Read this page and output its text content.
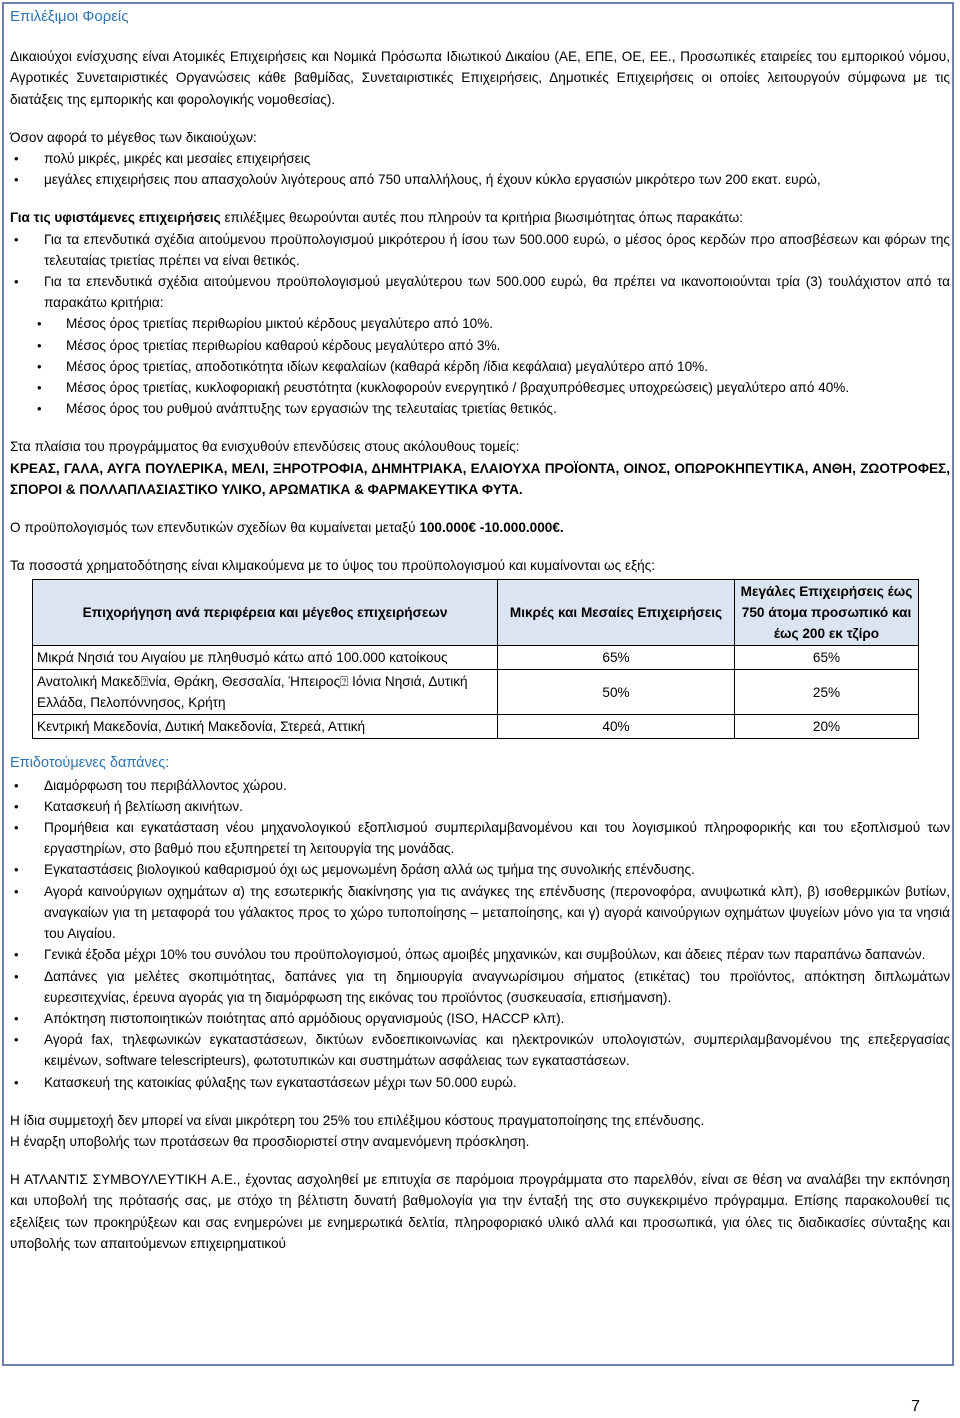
Επιλέξιμοι Φορείς

Δικαιούχοι ενίσχυσης είναι Ατομικές Επιχειρήσεις και Νομικά Πρόσωπα Ιδιωτικού Δικαίου (ΑΕ, ΕΠΕ, ΟΕ, ΕΕ., Προσωπικές εταιρείες του εμπορικού νόμου, Αγροτικές Συνεταιριστικές Οργανώσεις κάθε βαθμίδας, Συνεταιριστικές Επιχειρήσεις, Δημοτικές Επιχειρήσεις οι οποίες λειτουργούν σύμφωνα με τις διατάξεις της εμπορικής και φορολογικής νομοθεσίας).

Όσον αφορά το μέγεθος των δικαιούχων:

• πολύ μικρές, μικρές και μεσαίες επιχειρήσεις
• μεγάλες επιχειρήσεις που απασχολούν λιγότερους από 750 υπαλλήλους, ή έχουν κύκλο εργασιών μικρότερο των 200 εκατ. ευρώ,

Για τις υφιστάμενες επιχειρήσεις επιλέξιμες θεωρούνται αυτές που πληρούν τα κριτήρια βιωσιμότητας όπως παρακάτω:

• Για τα επενδυτικά σχέδια αιτούμενου προϋπολογισμού μικρότερου ή ίσου των 500.000 ευρώ, ο μέσος όρος κερδών προ αποσβέσεων και φόρων της τελευταίας τριετίας πρέπει να είναι θετικός.
• Για τα επενδυτικά σχέδια αιτούμενου προϋπολογισμού μεγαλύτερου των 500.000 ευρώ, θα πρέπει να ικανοποιούνται τρία (3) τουλάχιστον από τα παρακάτω κριτήρια:
• Μέσος όρος τριετίας περιθωρίου μικτού κέρδους μεγαλύτερο από 10%.
• Μέσος όρος τριετίας περιθωρίου καθαρού κέρδους μεγαλύτερο από 3%.
• Μέσος όρος τριετίας, αποδοτικότητα ιδίων κεφαλαίων (καθαρά κέρδη /ίδια κεφάλαια) μεγαλύτερο από 10%.
• Μέσος όρος τριετίας, κυκλοφοριακή ρευστότητα (κυκλοφορούν ενεργητικό / βραχυπρόθεσμες υποχρεώσεις) μεγαλύτερο από 40%.
• Μέσος όρος του ρυθμού ανάπτυξης των εργασιών της τελευταίας τριετίας θετικός.

Στα πλαίσια του προγράμματος θα ενισχυθούν επενδύσεις στους ακόλουθους τομείς:

ΚΡΕΑΣ, ΓΑΛΑ, ΑΥΓΑ ΠΟΥΛΕΡΙΚΑ, ΜΕΛΙ, ΞΗΡΟΤΡΟΦΙΑ, ΔΗΜΗΤΡΙΑΚΑ, ΕΛΑΙΟΥΧΑ ΠΡΟΪΟΝΤΑ, ΟΙΝΟΣ, ΟΠΩΡΟΚΗΠΕΥΤΙΚΑ, ΑΝΘΗ, ΖΩΟΤΡΟΦΕΣ, ΣΠΟΡΟΙ & ΠΟΛΛΑΠΛΑΣΙΑΣΤΙΚΟ ΥΛΙΚΟ, ΑΡΩΜΑΤΙΚΑ & ΦΑΡΜΑΚΕΥΤΙΚΑ ΦΥΤΑ.

Ο προϋπολογισμός των επενδυτικών σχεδίων θα κυμαίνεται μεταξύ 100.000€ -10.000.000€.

Τα ποσοστά χρηματοδότησης είναι κλιμακούμενα με το ύψος του προϋπολογισμού και κυμαίνονται ως εξής:

Επιχορήγηση ανά περιφέρεια και μέγεθος επιχειρήσεων	Μικρές και Μεσαίες Επιχειρήσεις	Μεγάλες Επιχειρήσεις έως 750 άτομα προσωπικό και έως 200 εκ τζίρο
Μικρά Νησιά του Αιγαίου με πληθυσμό κάτω από 100.000 κατοίκους	65%	65%
Ανατολική Μακεδ⍰νία, Θράκη, Θεσσαλία, Ήπειρος⍰ Ιόνια Νησιά, Δυτική Ελλάδα, Πελοπόννησος, Κρήτη	50%	25%
Κεντρική Μακεδονία, Δυτική Μακεδονία, Στερεά, Αττική	40%	20%

Επιδοτούμενες δαπάνες:

• Διαμόρφωση του περιβάλλοντος χώρου.
• Κατασκευή ή βελτίωση ακινήτων.
• Προμήθεια και εγκατάσταση νέου μηχανολογικού εξοπλισμού συμπεριλαμβανομένου και του λογισμικού πληροφορικής και του εξοπλισμού των εργαστηρίων, στο βαθμό που εξυπηρετεί τη λειτουργία της μονάδας.
• Εγκαταστάσεις βιολογικού καθαρισμού όχι ως μεμονωμένη δράση αλλά ως τμήμα της συνολικής επένδυσης.
• Αγορά καινούργιων οχημάτων α) της εσωτερικής διακίνησης για τις ανάγκες της επένδυσης (περονοφόρα, ανυψωτικά κλπ), β) ισοθερμικών βυτίων, αναγκαίων για τη μεταφορά του γάλακτος προς το χώρο τυποποίησης – μεταποίησης, και γ) αγορά καινούργιων οχημάτων ψυγείων μόνο για τα νησιά του Αιγαίου.
• Γενικά έξοδα μέχρι 10% του συνόλου του προϋπολογισμού, όπως αμοιβές μηχανικών, και συμβούλων, και άδειες πέραν των παραπάνω δαπανών.
• Δαπάνες για μελέτες σκοπιμότητας, δαπάνες για τη δημιουργία αναγνωρίσιμου σήματος (ετικέτας) του προϊόντος, απόκτηση διπλωμάτων ευρεσιτεχνίας, έρευνα αγοράς για τη διαμόρφωση της εικόνας του προϊόντος (συσκευασία, επισήμανση).
• Απόκτηση πιστοποιητικών ποιότητας από αρμόδιους οργανισμούς (ISO, HACCP κλπ).
• Αγορά fax, τηλεφωνικών εγκαταστάσεων, δικτύων ενδοεπικοινωνίας και ηλεκτρονικών υπολογιστών, συμπεριλαμβανομένου της επεξεργασίας κειμένων, software telescripteurs), φωτοτυπικών και συστημάτων ασφάλειας των εγκαταστάσεων.
• Κατασκευή της κατοικίας φύλαξης των εγκαταστάσεων μέχρι των 50.000 ευρώ.

Η ίδια συμμετοχή δεν μπορεί να είναι μικρότερη του 25% του επιλέξιμου κόστους πραγματοποίησης της επένδυσης.

Η έναρξη υποβολής των προτάσεων θα προσδιοριστεί στην αναμενόμενη πρόσκληση.

Η ΑΤΛΑΝΤΙΣ ΣΥΜΒΟΥΛΕΥΤΙΚΗ Α.Ε., έχοντας ασχοληθεί με επιτυχία σε παρόμοια προγράμματα στο παρελθόν, είναι σε θέση να αναλάβει την εκπόνηση και υποβολή της πρότασής σας, με στόχο τη βέλτιστη δυνατή βαθμολογία για την ένταξή της στο συγκεκριμένο πρόγραμμα. Επίσης παρακολουθεί τις εξελίξεις των προκηρύξεων και σας ενημερώνει με ενημερωτικά δελτία, πληροφοριακό υλικό αλλά και προσωπικά, για όλες τις διαδικασίες σύνταξης και υποβολής των απαιτούμενων επιχειρηματικού

7
